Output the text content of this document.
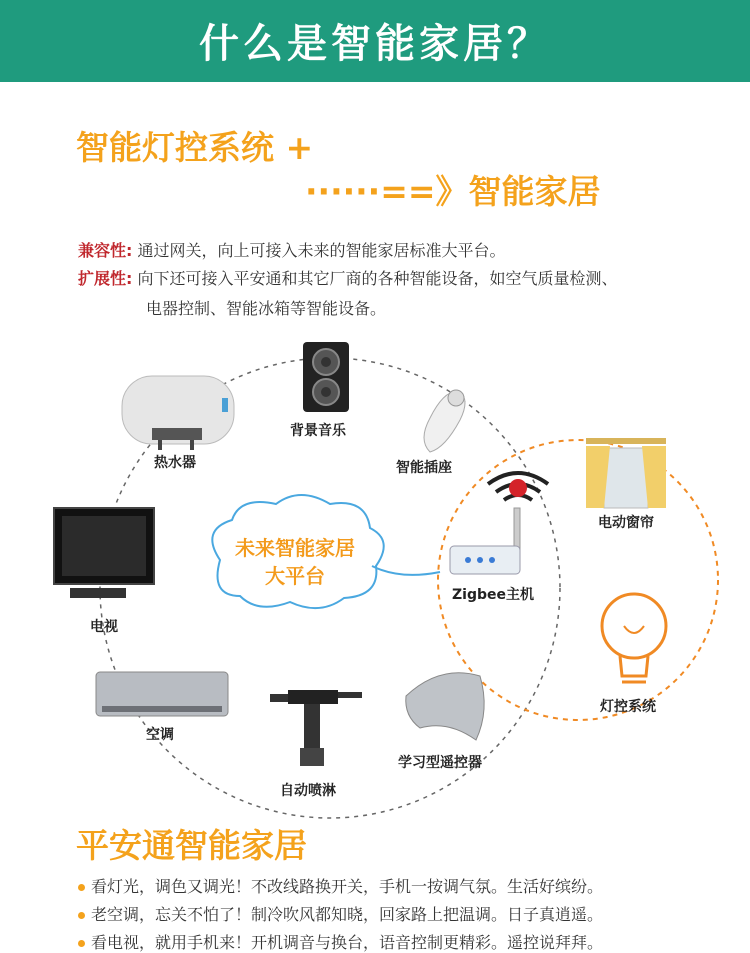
什么是智能家居？
智能灯控系统 +
······==》智能家居
兼容性: 通过网关，向上可接入未来的智能家居标准大平台。
扩展性: 向下还可接入平安通和其它厂商的各种智能设备，如空气质量检测、
电器控制、智能冰箱等智能设备。
未来智能家居
大平台
背景音乐
热水器	智能插座
电动窗帘
Zigbee主机
电视
灯控系统
空调
学习型遥控器
自动喷淋
平安通智能家居
看灯光，调色又调光！不改线路换开关，手机一按调气氛。生活好缤纷。
老空调，忘关不怕了！制冷吹风都知晓，回家路上把温调。日子真逍遥。
看电视，就用手机来！开机调音与换台，语音控制更精彩。遥控说拜拜。
